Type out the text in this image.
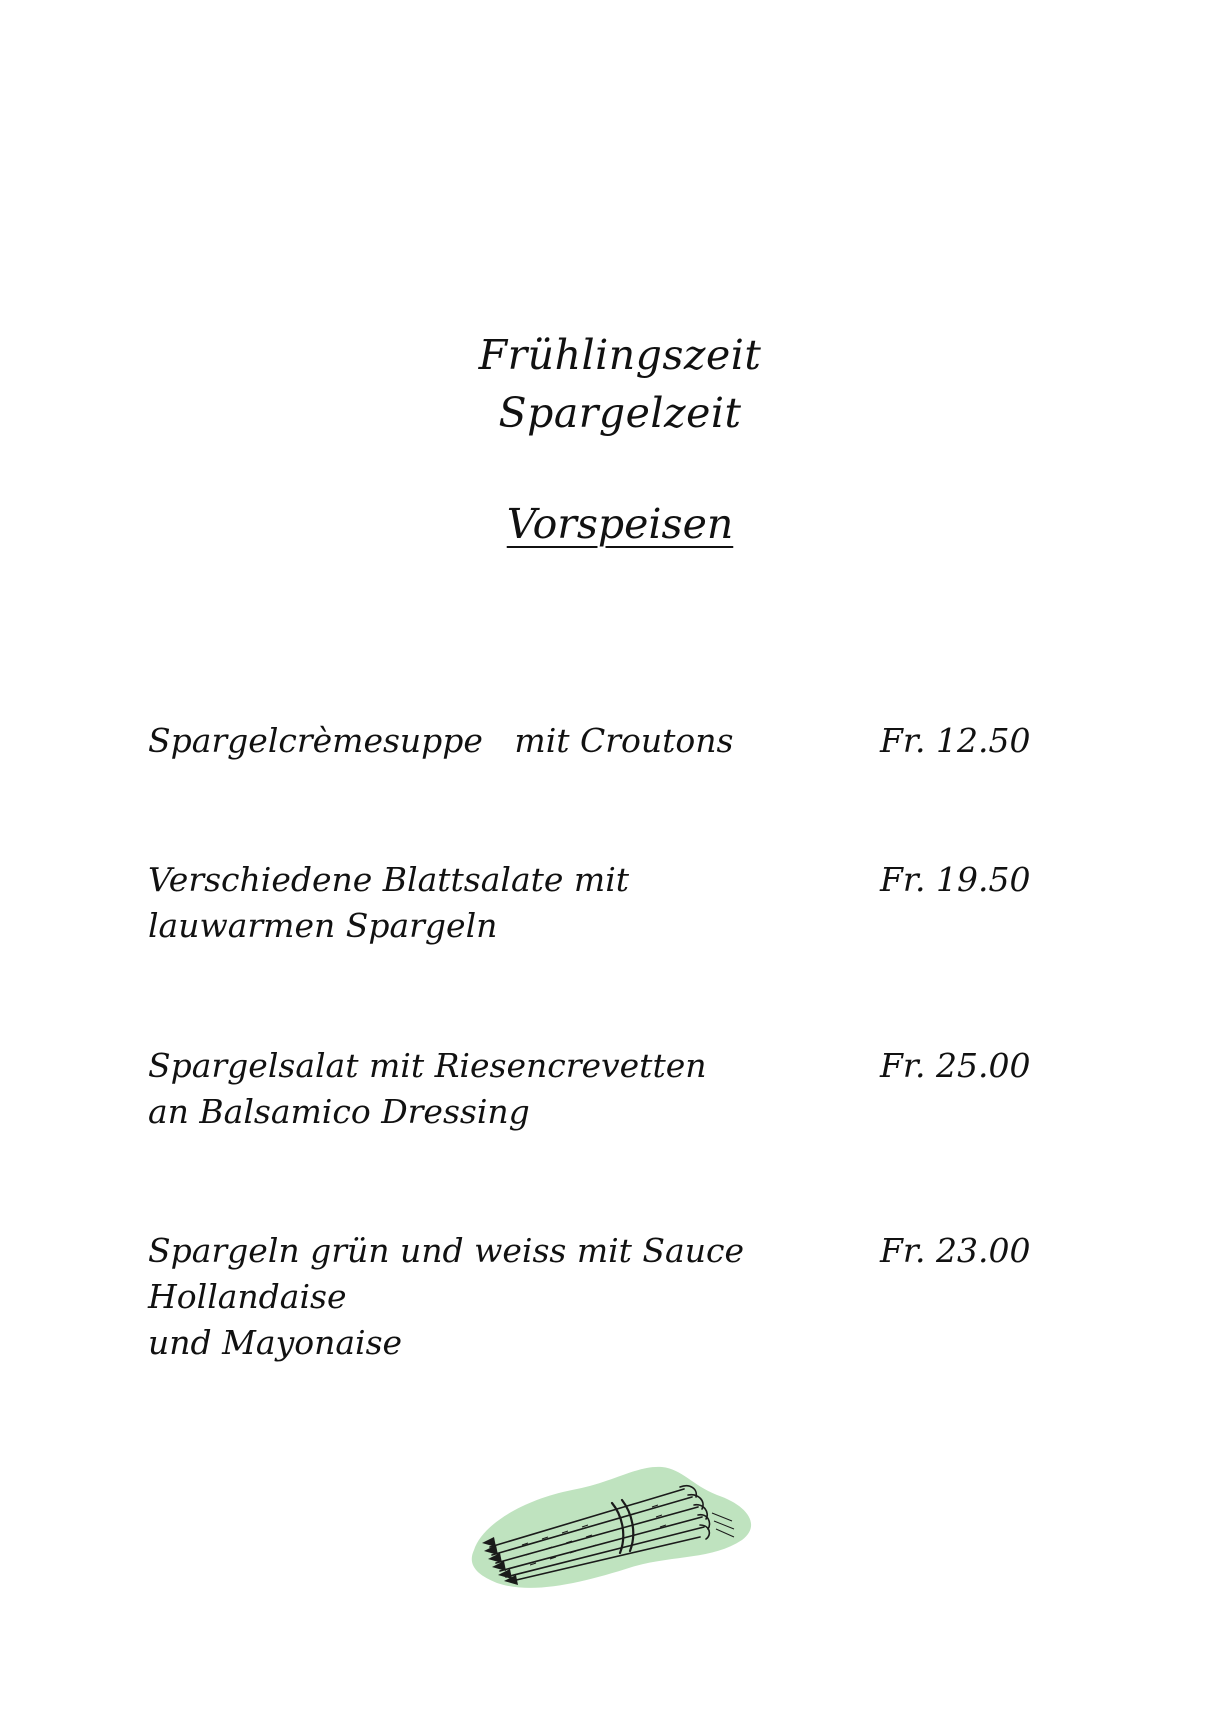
Frühlingszeit
Spargelzeit
Vorspeisen
Spargelcrèmesuppe   mit Croutons	Fr. 12.50
Verschiedene Blattsalate mit
lauwarmen Spargeln
Fr. 19.50
Spargelsalat mit Riesencrevetten
an Balsamico Dressing
Fr. 25.00
Spargeln grün und weiss mit Sauce Hollandaise
und Mayonaise
Fr. 23.00
